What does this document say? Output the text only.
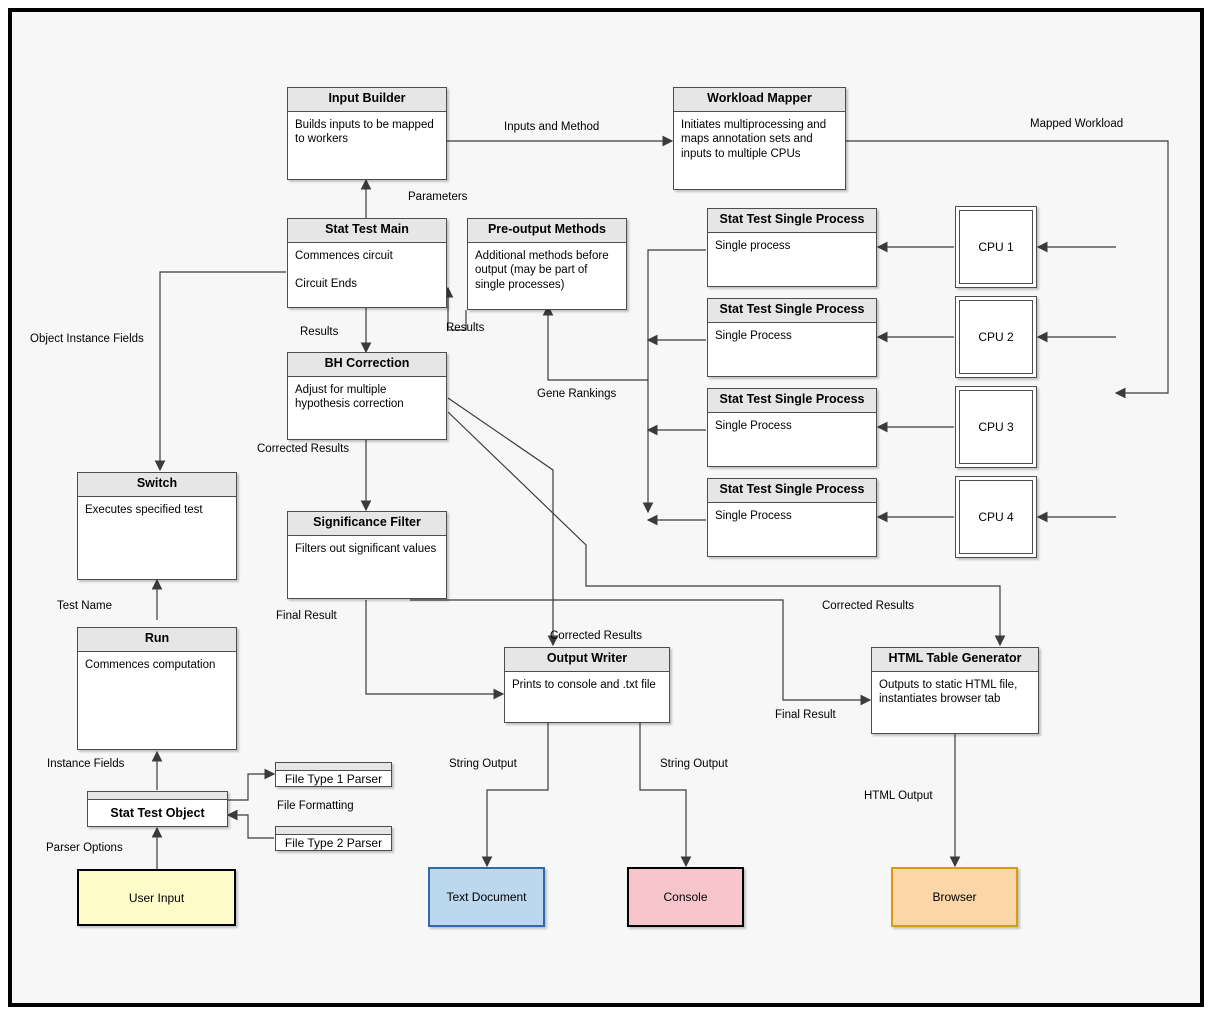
Input Builder
Builds inputs to be mapped to workers
Workload Mapper
Initiates multiprocessing and maps annotation sets and inputs to multiple CPUs
Stat Test Main
Commences circuit
Circuit Ends
Pre-output Methods
Additional methods before output (may be part of single processes)
BH Correction
Adjust for multiple hypothesis correction
Switch
Executes specified test
Significance Filter
Filters out significant values
Run
Commences computation	Output Writer
Prints to console and .txt file
HTML Table Generator
Outputs to static HTML file, instantiates browser tab
Stat Test Single Process
Single process
Stat Test Single Process
Single Process
Stat Test Single Process
Single Process
Stat Test Single Process
Single Process
CPU 1
CPU 2
CPU 3
CPU 4
Stat Test Object
File Type 1 Parser
File Type 2 Parser
User Input	Text Document	Console	Browser
Inputs and Method	Mapped Workload
Parameters
Results	Results
Gene Rankings
Object Instance Fields
Corrected Results
Test Name
Final Result
Corrected Results
Corrected Results
Final Result
Instance Fields
File Formatting
Parser Options
String Output	String Output
HTML Output
